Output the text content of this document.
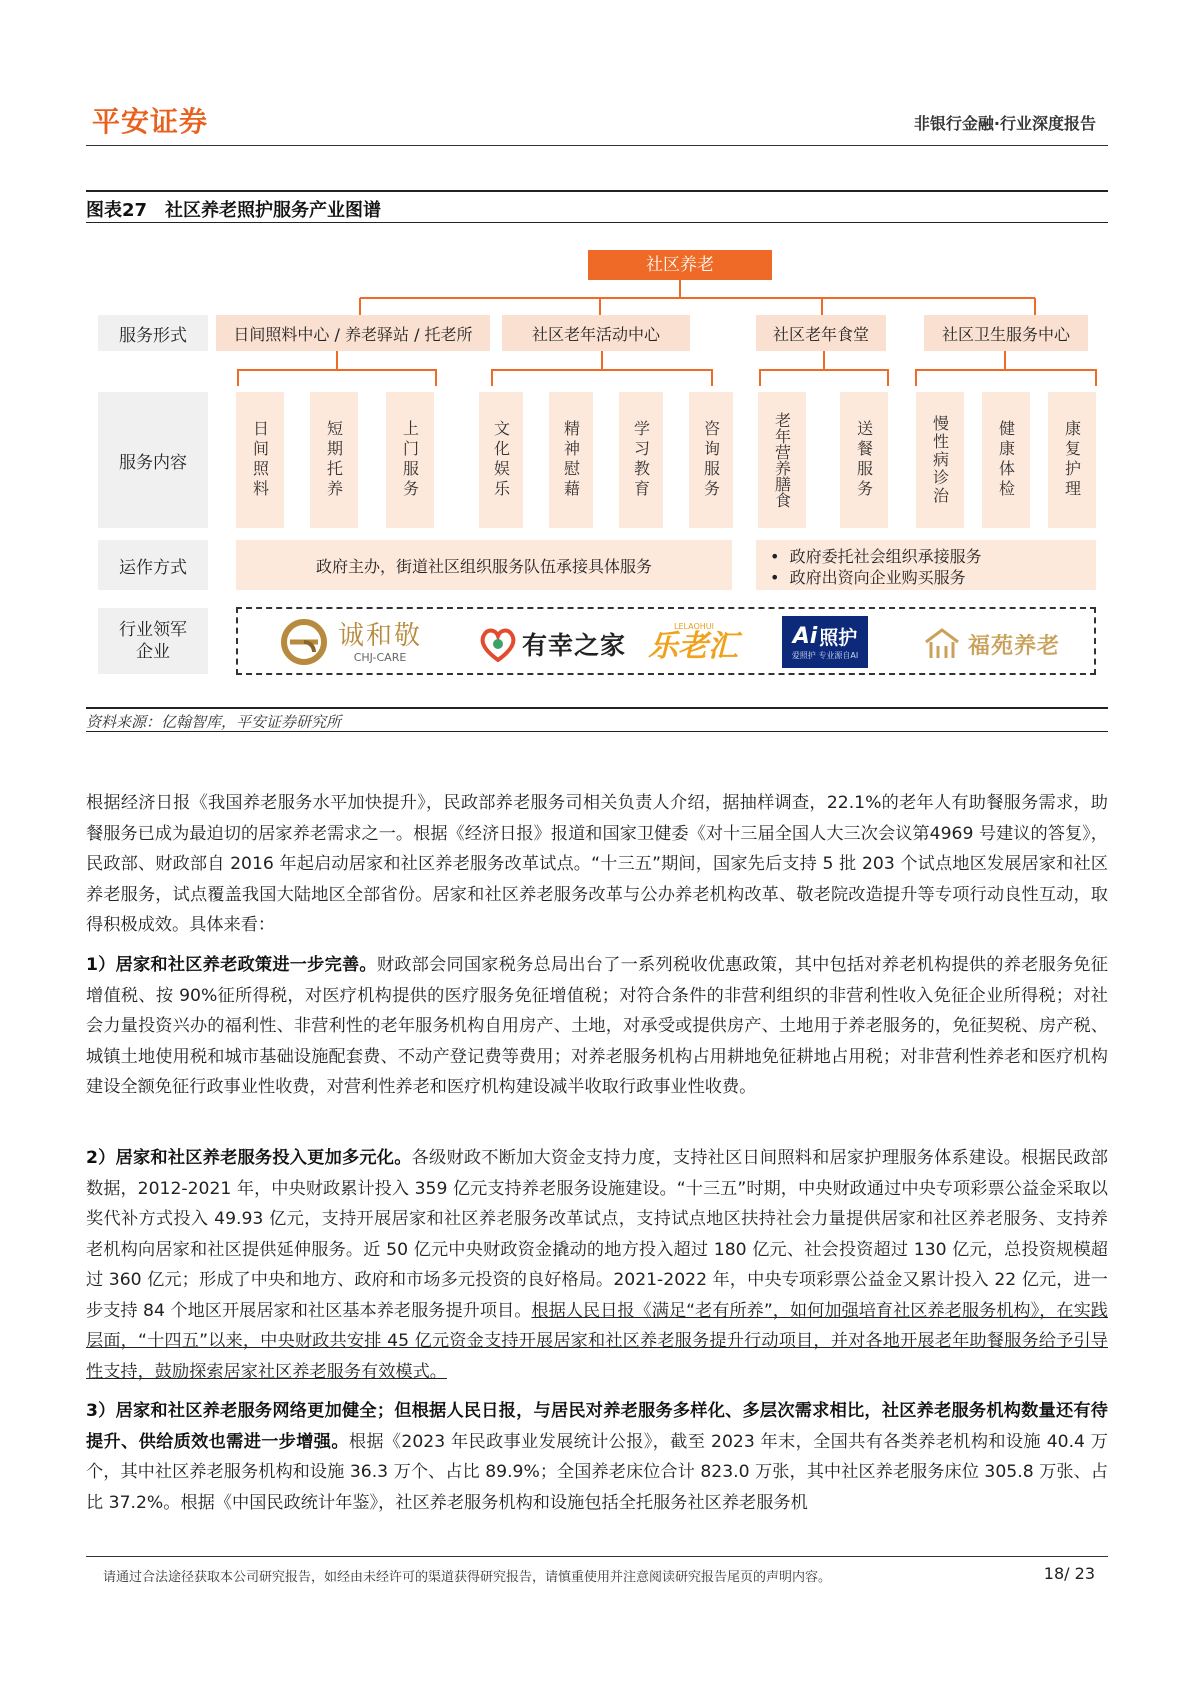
平安证券	非银行金融·行业深度报告
图表27　社区养老照护服务产业图谱
社区养老
服务形式
服务内容
运作方式
行业领军企业
日间照料中心 / 养老驿站 / 托老所	社区老年活动中心	社区老年食堂	社区卫生服务中心
日间照料	短期托养	上门服务	文化娱乐	精神慰藉	学习教育	咨询服务	老年营养膳食	送餐服务	慢性病诊治	健康体检	康复护理
政府主办，街道社区组织服务队伍承接具体服务	• 政府委托社会组织承接服务
• 政府出资向企业购买服务
诚和敬
CHJ-CARE	有幸之家
LELAOHUI
乐老汇 Ai 照护
爱照护 专业源自AI	福苑养老
资料来源：亿翰智库，平安证券研究所
根据经济日报《我国养老服务水平加快提升》，民政部养老服务司相关负责人介绍，据抽样调查，22.1%的老年人有助餐服务需求，助餐服务已成为最迫切的居家养老需求之一。根据《经济日报》报道和国家卫健委《对十三届全国人大三次会议第4969 号建议的答复》，民政部、财政部自 2016 年起启动居家和社区养老服务改革试点。“十三五”期间，国家先后支持 5 批 203 个试点地区发展居家和社区养老服务，试点覆盖我国大陆地区全部省份。居家和社区养老服务改革与公办养老机构改革、敬老院改造提升等专项行动良性互动，取得积极成效。具体来看：
1）居家和社区养老政策进一步完善。财政部会同国家税务总局出台了一系列税收优惠政策，其中包括对养老机构提供的养老服务免征增值税、按 90%征所得税，对医疗机构提供的医疗服务免征增值税；对符合条件的非营利组织的非营利性收入免征企业所得税；对社会力量投资兴办的福利性、非营利性的老年服务机构自用房产、土地，对承受或提供房产、土地用于养老服务的，免征契税、房产税、城镇土地使用税和城市基础设施配套费、不动产登记费等费用；对养老服务机构占用耕地免征耕地占用税；对非营利性养老和医疗机构建设全额免征行政事业性收费，对营利性养老和医疗机构建设减半收取行政事业性收费。
2）居家和社区养老服务投入更加多元化。各级财政不断加大资金支持力度，支持社区日间照料和居家护理服务体系建设。根据民政部数据，2012-2021 年，中央财政累计投入 359 亿元支持养老服务设施建设。“十三五”时期，中央财政通过中央专项彩票公益金采取以奖代补方式投入 49.93 亿元，支持开展居家和社区养老服务改革试点，支持试点地区扶持社会力量提供居家和社区养老服务、支持养老机构向居家和社区提供延伸服务。近 50 亿元中央财政资金撬动的地方投入超过 180 亿元、社会投资超过 130 亿元，总投资规模超过 360 亿元；形成了中央和地方、政府和市场多元投资的良好格局。2021-2022 年，中央专项彩票公益金又累计投入 22 亿元，进一步支持 84 个地区开展居家和社区基本养老服务提升项目。根据人民日报《满足“老有所养”，如何加强培育社区养老服务机构》，在实践层面，“十四五”以来，中央财政共安排 45 亿元资金支持开展居家和社区养老服务提升行动项目，并对各地开展老年助餐服务给予引导性支持，鼓励探索居家社区养老服务有效模式。
3）居家和社区养老服务网络更加健全；但根据人民日报，与居民对养老服务多样化、多层次需求相比，社区养老服务机构数量还有待提升、供给质效也需进一步增强。根据《2023 年民政事业发展统计公报》，截至 2023 年末，全国共有各类养老机构和设施 40.4 万个，其中社区养老服务机构和设施 36.3 万个、占比 89.9%；全国养老床位合计 823.0 万张，其中社区养老服务床位 305.8 万张、占比 37.2%。根据《中国民政统计年鉴》，社区养老服务机构和设施包括全托服务社区养老服务机
请通过合法途径获取本公司研究报告，如经由未经许可的渠道获得研究报告，请慎重使用并注意阅读研究报告尾页的声明内容。	18/ 23
